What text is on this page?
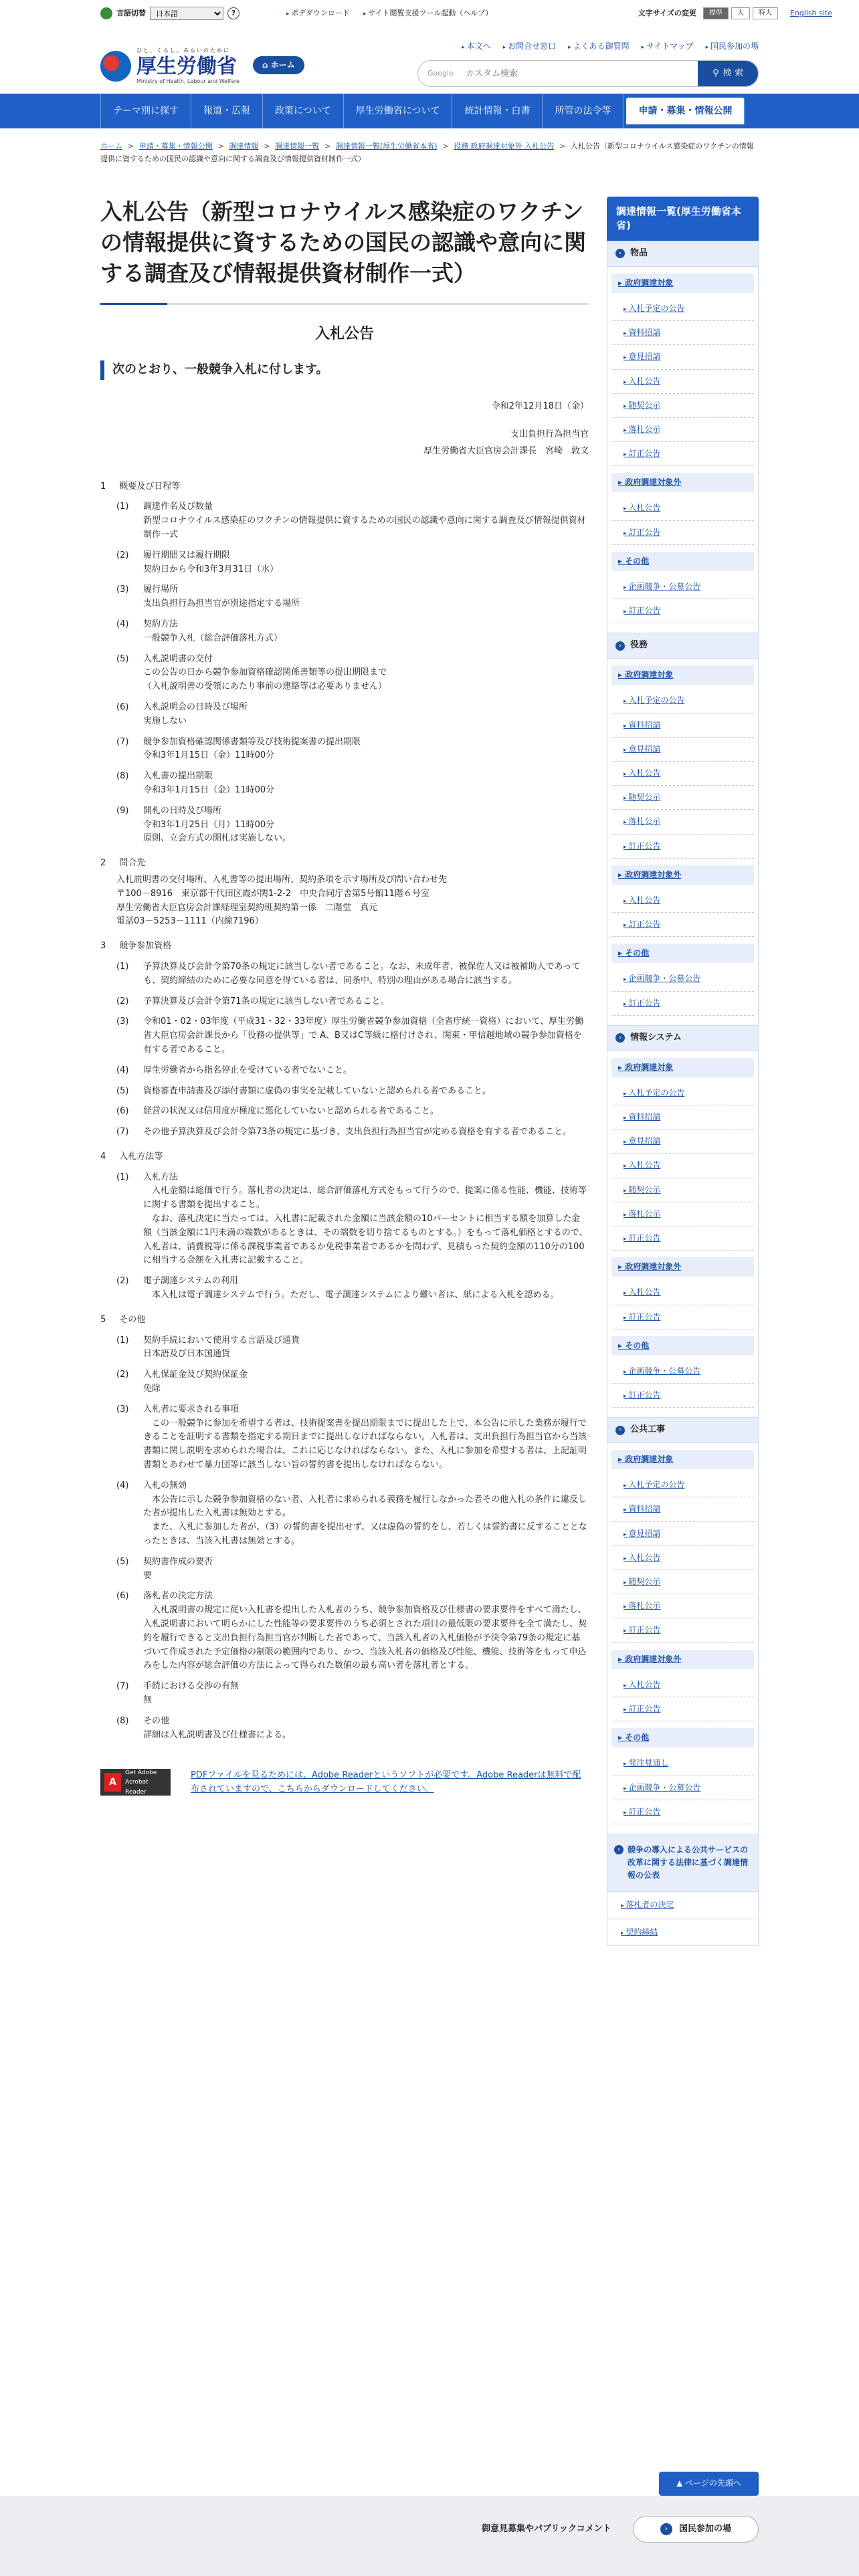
言語切替
日本語	?	▸ ポデダウンロード	▸ サイト閲覧支援ツール起動（ヘルプ）	文字サイズの変更	標準	大	特大	English site
ひと、くらし、みらいのために
厚生労働省
Ministry of Health, Labour and Welfare
⌂ ホーム
▸ 本文へ	▸ お問合せ窓口	▸ よくある御質問	▸ サイトマップ	▸ 国民参加の場
Google
カスタム検索	⚲ 検 索
テーマ別に探す	報道・広報	政策について	厚生労働省について	統計情報・白書	所管の法令等	申請・募集・情報公開
ホーム > 申請・募集・情報公開 > 調達情報 > 調達情報一覧 > 調達情報一覧(厚生労働省本省) > 役務 政府調達対象外 入札公告 > 入札公告（新型コロナウイルス感染症のワクチンの情報提供に資するための国民の認識や意向に関する調査及び情報提供資材制作一式）
入札公告（新型コロナウイルス感染症のワクチンの情報提供に資するための国民の認識や意向に関する調査及び情報提供資材制作一式）
入札公告
次のとおり、一般競争入札に付します。
令和2年12月18日（金）
支出負担行為担当官
厚生労働省大臣官房会計課長　宮崎　敦文
1 概要及び日程等
(1)	調達件名及び数量
新型コロナウイルス感染症のワクチンの情報提供に資するための国民の認識や意向に関する調査及び情報提供資材制作一式
(2)	履行期間又は履行期限
契約日から令和3年3月31日（水）
(3)	履行場所
支出負担行為担当官が別途指定する場所
(4)	契約方法
一般競争入札（総合評価落札方式）
(5)	入札説明書の交付
この公告の日から競争参加資格確認関係書類等の提出期限まで
（入札説明書の受領にあたり事前の連絡等は必要ありません）
(6)	入札説明会の日時及び場所
実施しない
(7)	競争参加資格確認関係書類等及び技術提案書の提出期限
令和3年1月15日（金）11時00分
(8)	入札書の提出期限
令和3年1月15日（金）11時00分
(9)	開札の日時及び場所
令和3年1月25日（月）11時00分
原則、立会方式の開札は実施しない。
2 問合先
入札説明書の交付場所、入札書等の提出場所、契約条項を示す場所及び問い合わせ先
〒100－8916　東京都千代田区霞が関1-2-2　中央合同庁舎第5号館11階６号室
厚生労働省大臣官房会計課経理室契約班契約第一係　二階堂　真元
電話03－5253－1111（内線7196）
3 競争参加資格
(1)	予算決算及び会計令第70条の規定に該当しない者であること。なお、未成年者、被保佐人又は被補助人であっても、契約締結のために必要な同意を得ている者は、同条中、特別の理由がある場合に該当する。
(2)	予算決算及び会計令第71条の規定に該当しない者であること。
(3)	令和01・02・03年度（平成31・32・33年度）厚生労働省競争参加資格（全省庁統一資格）において、厚生労働省大臣官房会計課長から「役務の提供等」で A、B又はC等級に格付けされ、関東・甲信越地域の競争参加資格を有する者であること。
(4)	厚生労働省から指名停止を受けている者でないこと。
(5)	資格審査申請書及び添付書類に虚偽の事実を記載していないと認められる者であること。
(6)	経営の状況又は信用度が極度に悪化していないと認められる者であること。
(7)	その他予算決算及び会計令第73条の規定に基づき、支出負担行為担当官が定める資格を有する者であること。
4 入札方法等
(1)	入札方法
　入札金額は総価で行う。落札者の決定は、総合評価落札方式をもって行うので、提案に係る性能、機能、技術等に関する書類を提出すること。
　なお、落札決定に当たっては、入札書に記載された金額に当該金額の10パーセントに相当する額を加算した金額（当該金額に1円未満の端数があるときは、その端数を切り捨てるものとする。）をもって落札価格とするので、入札者は、消費税等に係る課税事業者であるか免税事業者であるかを問わず、見積もった契約金額の110分の100に相当する金額を入札書に記載すること。
(2)	電子調達システムの利用
　本入札は電子調達システムで行う。ただし、電子調達システムにより難い者は、紙による入札を認める。
5 その他
(1)	契約手続において使用する言語及び通貨
日本語及び日本国通貨
(2)	入札保証金及び契約保証金
免除
(3)	入札者に要求される事項
　この一般競争に参加を希望する者は、技術提案書を提出期限までに提出した上で、本公告に示した業務が履行できることを証明する書類を指定する期日までに提出しなければならない。入札者は、支出負担行為担当官から当該書類に関し説明を求められた場合は、これに応じなければならない。また、入札に参加を希望する者は、上記証明書類とあわせて暴力団等に該当しない旨の誓約書を提出しなければならない。
(4)	入札の無効
　本公告に示した競争参加資格のない者、入札者に求められる義務を履行しなかった者その他入札の条件に違反した者が提出した入札書は無効とする。
　また、入札に参加した者が、（3）の誓約書を提出せず、又は虚偽の誓約をし、若しくは誓約書に反することとなったときは、当該入札書は無効とする。
(5)	契約書作成の要否
要
(6)	落札者の決定方法
　入札説明書の規定に従い入札書を提出した入札者のうち、競争参加資格及び仕様書の要求要件をすべて満たし、入札説明書において明らかにした性能等の要求要件のうち必須とされた項目の最低限の要求要件を全て満たし、契約を履行できると支出負担行為担当官が判断した者であって、当該入札者の入札価格が予決令第79条の規定に基づいて作成された予定価格の制限の範囲内であり、かつ、当該入札者の価格及び性能、機能、技術等をもって申込みをした内容が総合評価の方法によって得られた数値の最も高い者を落札者とする。
(7)	手続における交渉の有無
無
(8)	その他
詳細は入札説明書及び仕様書による。
A
Get Adobe
Acrobat Reader
PDFファイルを見るためには、Adobe Readerというソフトが必要です。Adobe Readerは無料で配布されていますので、こちらからダウンロードしてください。
調達情報一覧(厚生労働省本省)
›	物品
▸ 政府調達対象
▸ 入札予定の公告
▸ 資料招請
▸ 意見招請
▸ 入札公告
▸ 随契公示
▸ 落札公示
▸ 訂正公告
▸ 政府調達対象外
▸ 入札公告
▸ 訂正公告
▸ その他
▸ 企画競争・公募公告
▸ 訂正公告
›	役務
▸ 政府調達対象
▸ 入札予定の公告
▸ 資料招請
▸ 意見招請
▸ 入札公告
▸ 随契公示
▸ 落札公示
▸ 訂正公告
▸ 政府調達対象外
▸ 入札公告
▸ 訂正公告
▸ その他
▸ 企画競争・公募公告
▸ 訂正公告
›	情報システム
▸ 政府調達対象
▸ 入札予定の公告
▸ 資料招請
▸ 意見招請
▸ 入札公告
▸ 随契公示
▸ 落札公示
▸ 訂正公告
▸ 政府調達対象外
▸ 入札公告
▸ 訂正公告
▸ その他
▸ 企画競争・公募公告
▸ 訂正公告
›	公共工事
▸ 政府調達対象
▸ 入札予定の公告
▸ 資料招請
▸ 意見招請
▸ 入札公告
▸ 随契公示
▸ 落札公示
▸ 訂正公告
▸ 政府調達対象外
▸ 入札公告
▸ 訂正公告
▸ その他
▸ 発注見通し
▸ 企画競争・公募公告
▸ 訂正公告
› 競争の導入による公共サービスの改革に関する法律に基づく調達情報の公表
▸ 落札者の決定
▸ 契約締結
▲ ページの先頭へ
御意見募集やパブリックコメント	›	国民参加の場
